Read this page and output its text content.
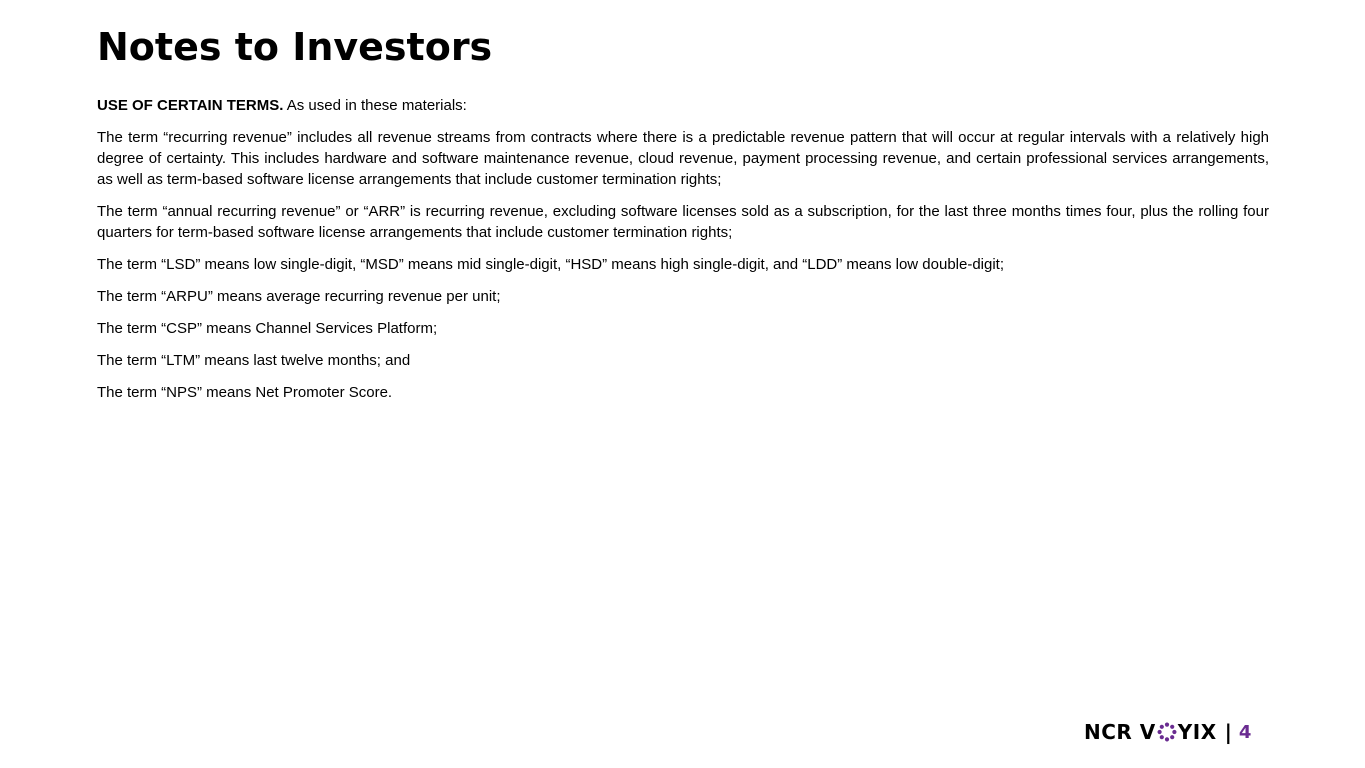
Notes to Investors

USE OF CERTAIN TERMS. As used in these materials:

The term “recurring revenue” includes all revenue streams from contracts where there is a predictable revenue pattern that will occur at regular intervals with a relatively high degree of certainty. This includes hardware and software maintenance revenue, cloud revenue, payment processing revenue, and certain professional services arrangements, as well as term-based software license arrangements that include customer termination rights;

The term “annual recurring revenue” or “ARR” is recurring revenue, excluding software licenses sold as a subscription, for the last three months times four, plus the rolling four quarters for term-based software license arrangements that include customer termination rights;

The term “LSD” means low single-digit, “MSD” means mid single-digit, “HSD” means high single-digit, and “LDD” means low double-digit;

The term “ARPU” means average recurring revenue per unit;

The term “CSP” means Channel Services Platform;

The term “LTM” means last twelve months; and

The term “NPS” means Net Promoter Score.

NCR V YIX | 4
